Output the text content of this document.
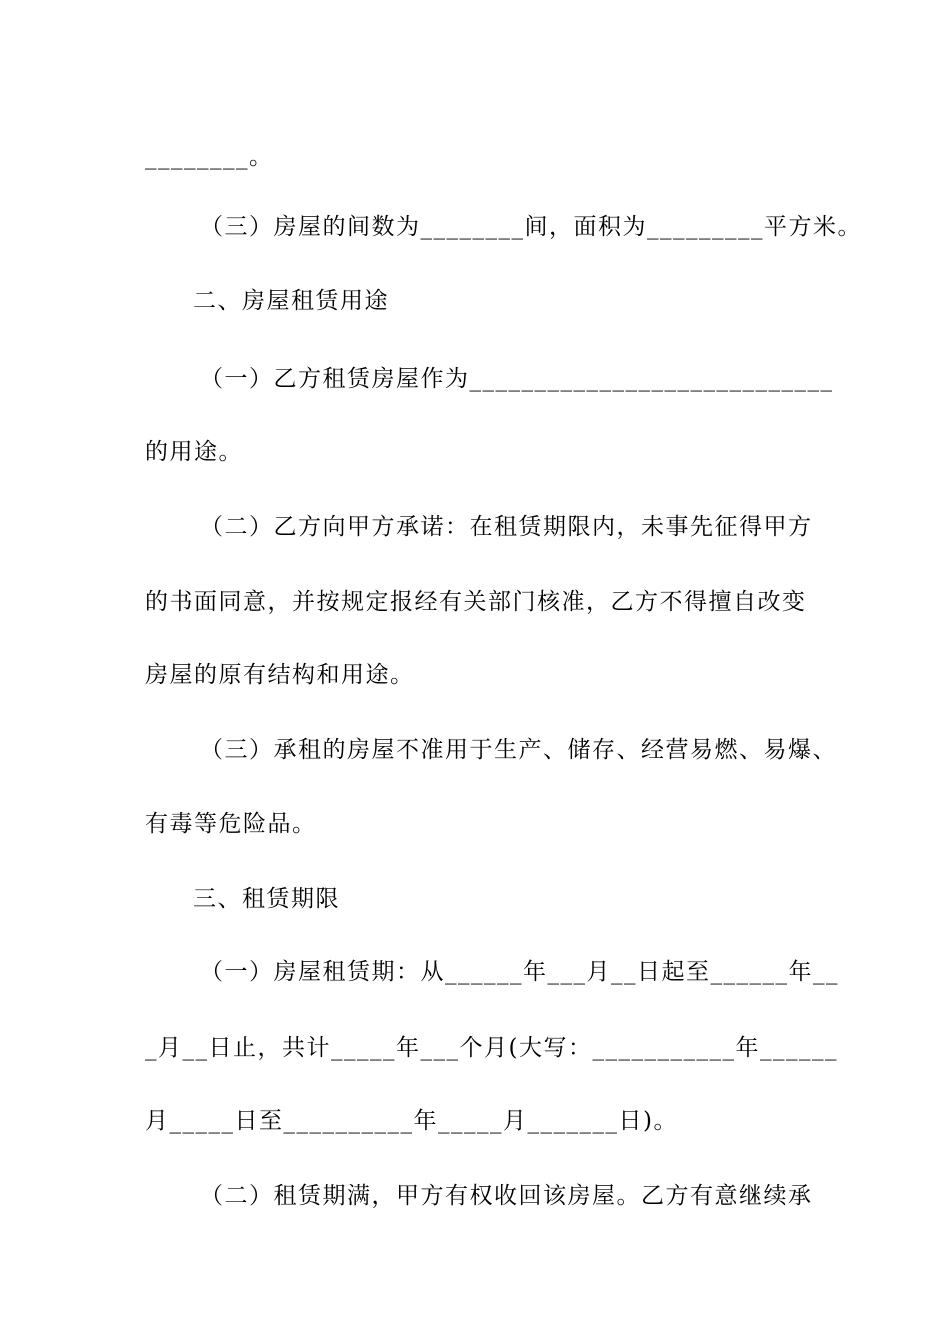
________。
（三）房屋的间数为________间，面积为_________平方米。
二、房屋租赁用途
（一）乙方租赁房屋作为____________________________
的用途。
（二）乙方向甲方承诺：在租赁期限内，未事先征得甲方
的书面同意，并按规定报经有关部门核准，乙方不得擅自改变
房屋的原有结构和用途。
（三）承租的房屋不准用于生产、储存、经营易燃、易爆、
有毒等危险品。
三、租赁期限
（一）房屋租赁期：从______年___月__日起至______年__
_月__日止，共计_____年___个月(大写：___________年______
月_____日至__________年_____月_______日)。
（二）租赁期满，甲方有权收回该房屋。乙方有意继续承
